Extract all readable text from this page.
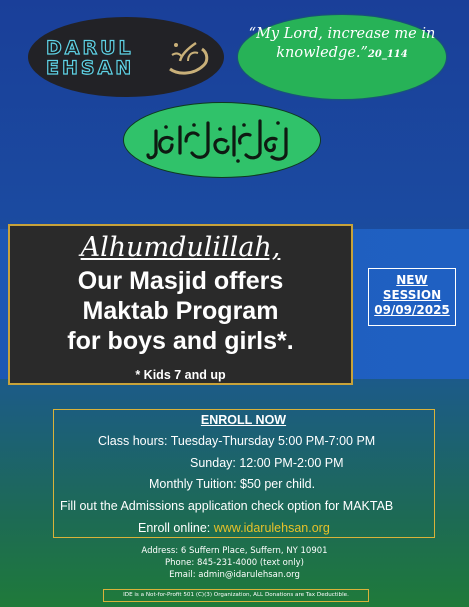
DARUL
EHSAN
“My Lord, increase me in knowledge.”20_114
NEW
SESSION
09/09/2025
Alhumdulillah,
Our Masjid offers
Maktab Program
for boys and girls*.
* Kids 7 and up
ENROLL NOW
Class hours: Tuesday-Thursday 5:00 PM-7:00 PM
Sunday: 12:00 PM-2:00 PM
Monthly Tuition: $50 per child.
Fill out the Admissions application check option for MAKTAB
Enroll online: www.idarulehsan.org
Address: 6 Suffern Place, Suffern, NY 10901
Phone: 845-231-4000 (text only)
Email: admin@idarulehsan.org
IDE is a Not-for-Profit 501 (C)(3) Organization, ALL Donations are Tax Deductible.
